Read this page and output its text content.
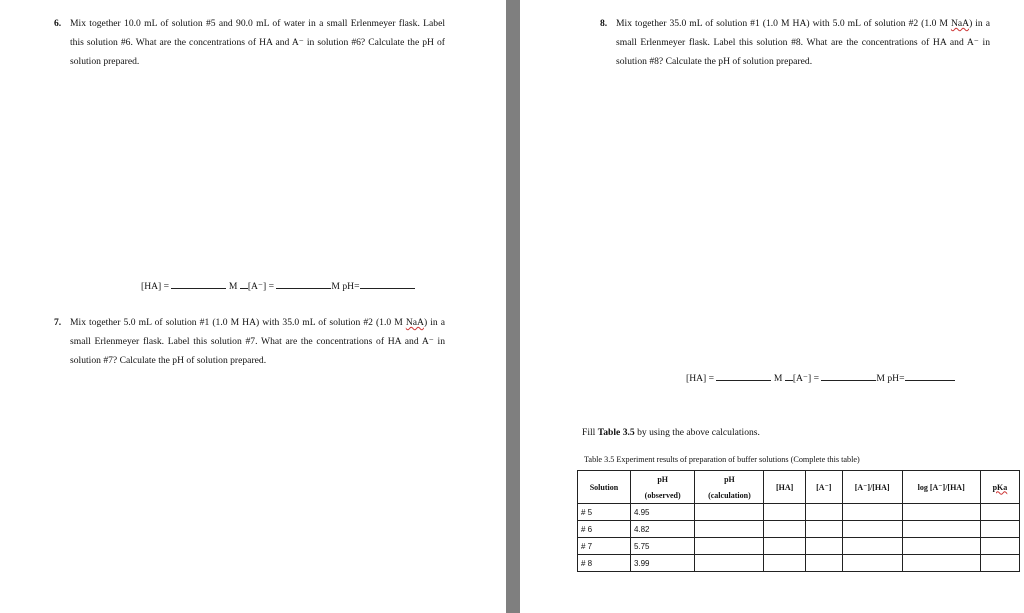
6. Mix together 10.0 mL of solution #5 and 90.0 mL of water in a small Erlenmeyer flask. Label this solution #6. What are the concentrations of HA and A⁻ in solution #6? Calculate the pH of solution prepared.
[HA] =	M [A⁻] =	M pH=
7. Mix together 5.0 mL of solution #1 (1.0 M HA) with 35.0 mL of solution #2 (1.0 M NaA) in a small Erlenmeyer flask. Label this solution #7. What are the concentrations of HA and A⁻ in solution #7? Calculate the pH of solution prepared.
8. Mix together 35.0 mL of solution #1 (1.0 M HA) with 5.0 mL of solution #2 (1.0 M NaA) in a small Erlenmeyer flask. Label this solution #8. What are the concentrations of HA and A⁻ in solution #8? Calculate the pH of solution prepared.
[HA] =	M [A⁻] =	M pH=
Fill Table 3.5 by using the above calculations.
Table 3.5 Experiment results of preparation of buffer solutions (Complete this table)
Solution	pH	pH	[HA]	[A⁻]	[A⁻]/[HA]	log [A⁻]/[HA]	pKa
	(observed)	(calculation)					
# 5	4.95						
# 6	4.82						
# 7	5.75						
# 8	3.99						
